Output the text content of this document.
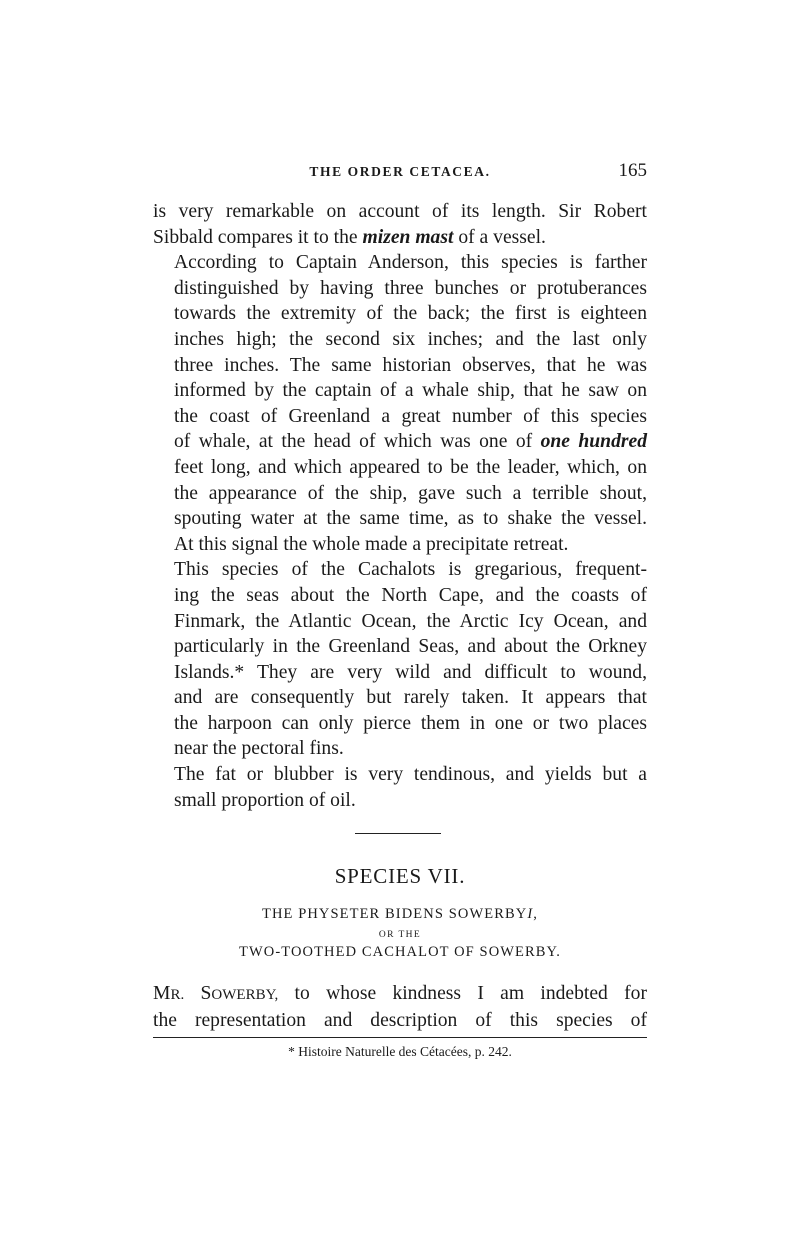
THE ORDER CETACEA.	165

is very remarkable on account of its length. Sir Robert
Sibbald compares it to the mizen mast of a vessel.

According to Captain Anderson, this species is farther
distinguished by having three bunches or protuberances
towards the extremity of the back; the first is eighteen
inches high; the second six inches; and the last only
three inches. The same historian observes, that he was
informed by the captain of a whale ship, that he saw on
the coast of Greenland a great number of this species
of whale, at the head of which was one of one hundred
feet long, and which appeared to be the leader, which, on
the appearance of the ship, gave such a terrible shout,
spouting water at the same time, as to shake the vessel.
At this signal the whole made a precipitate retreat.

This species of the Cachalots is gregarious, frequent-
ing the seas about the North Cape, and the coasts of
Finmark, the Atlantic Ocean, the Arctic Icy Ocean, and
particularly in the Greenland Seas, and about the Orkney
Islands.* They are very wild and difficult to wound,
and are consequently but rarely taken. It appears that
the harpoon can only pierce them in one or two places
near the pectoral fins.

The fat or blubber is very tendinous, and yields but a
small proportion of oil.

SPECIES VII.
THE PHYSETER BIDENS SOWERBYI,
OR THE
TWO-TOOTHED CACHALOT OF SOWERBY.
MR. SOWERBY, to whose kindness I am indebted for
the representation and description of this species of
* Histoire Naturelle des Cétacées, p. 242.
